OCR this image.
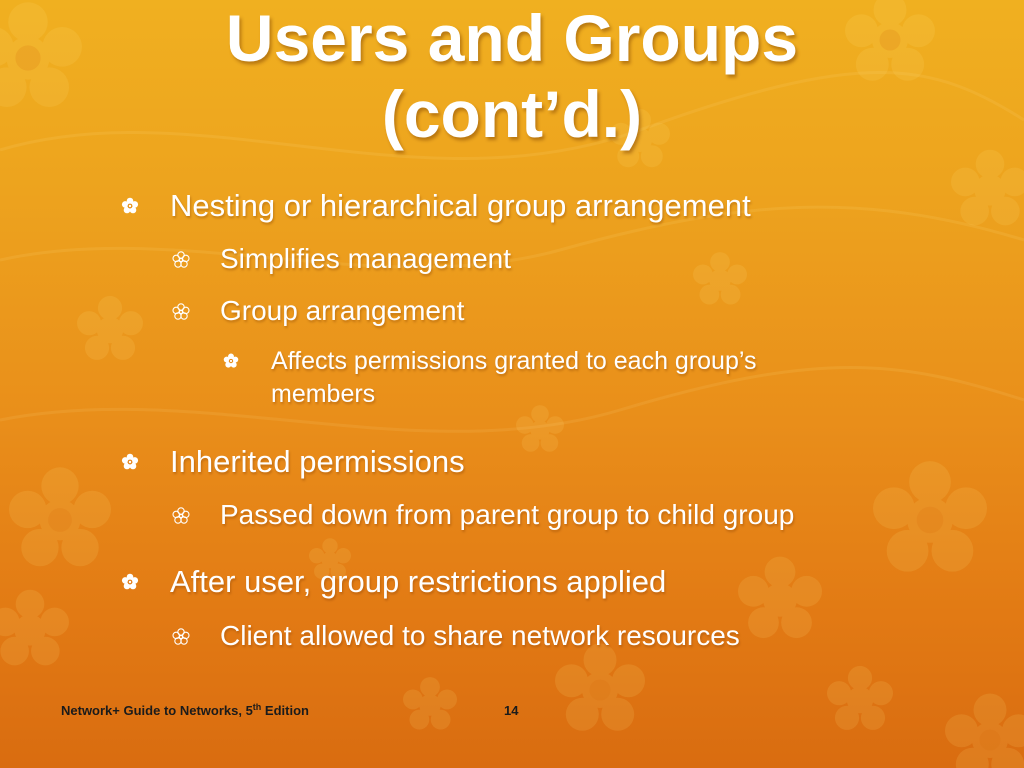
Users and Groups
(cont’d.)
Nesting or hierarchical group arrangement
Simplifies management
Group arrangement
Affects permissions granted to each group’s
members
Inherited permissions
Passed down from parent group to child group
After user, group restrictions applied
Client allowed to share network resources
Network+ Guide to Networks, 5th Edition	14
